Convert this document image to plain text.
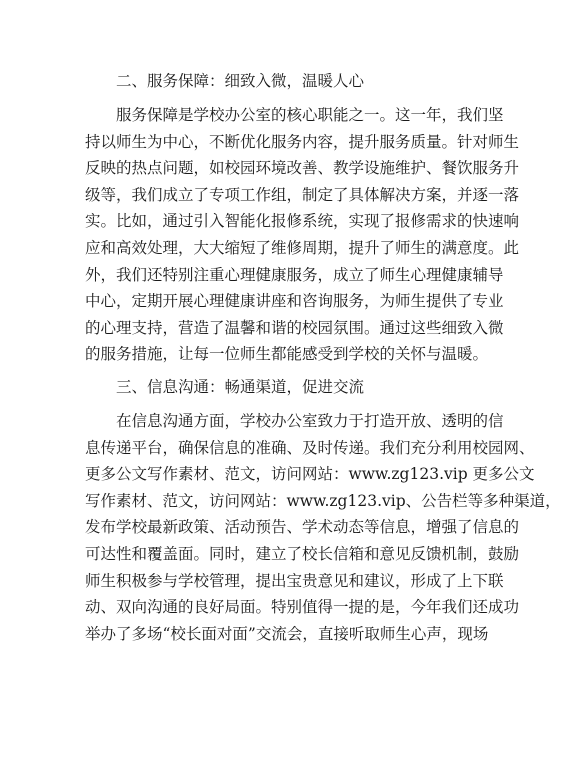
二、服务保障：细致入微，温暖人心
服务保障是学校办公室的核心职能之一。这一年，我们坚
持以师生为中心，不断优化服务内容，提升服务质量。针对师生
反映的热点问题，如校园环境改善、教学设施维护、餐饮服务升
级等，我们成立了专项工作组，制定了具体解决方案，并逐一落
实。比如，通过引入智能化报修系统，实现了报修需求的快速响
应和高效处理，大大缩短了维修周期，提升了师生的满意度。此
外，我们还特别注重心理健康服务，成立了师生心理健康辅导
中心，定期开展心理健康讲座和咨询服务，为师生提供了专业
的心理支持，营造了温馨和谐的校园氛围。通过这些细致入微
的服务措施，让每一位师生都能感受到学校的关怀与温暖。
三、信息沟通：畅通渠道，促进交流
在信息沟通方面，学校办公室致力于打造开放、透明的信
息传递平台，确保信息的准确、及时传递。我们充分利用校园网、
更多公文写作素材、范文，访问网站：www.zg123.vip 更多公文
写作素材、范文，访问网站：www.zg123.vip、公告栏等多种渠道，
发布学校最新政策、活动预告、学术动态等信息，增强了信息的
可达性和覆盖面。同时，建立了校长信箱和意见反馈机制，鼓励
师生积极参与学校管理，提出宝贵意见和建议，形成了上下联
动、双向沟通的良好局面。特别值得一提的是，今年我们还成功
举办了多场“校长面对面”交流会，直接听取师生心声，现场
